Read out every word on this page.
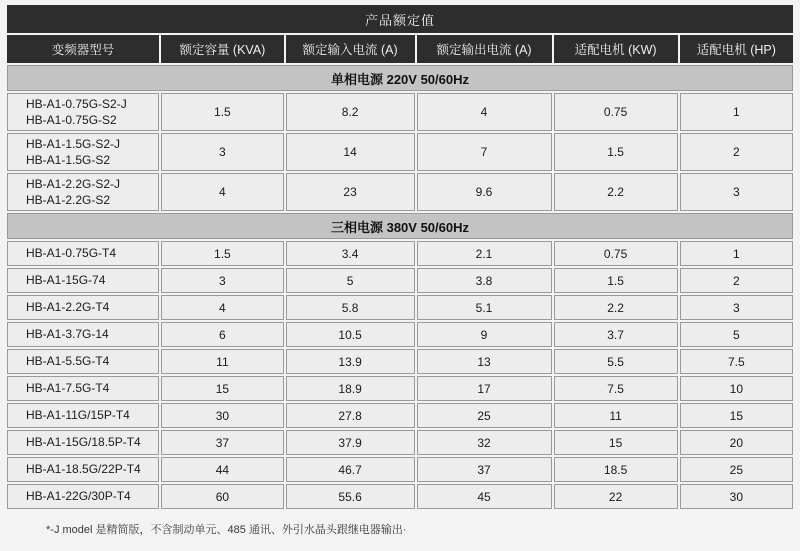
产品额定值					
变频器型号	额定容量 (KVA)	额定输入电流 (A)	额定输出电流 (A)	适配电机 (KW)	适配电机 (HP)
单相电源 220V 50/60Hz					
HB-A1-0.75G-S2-J
HB-A1-0.75G-S2	1.5	8.2	4	0.75	1
HB-A1-1.5G-S2-J
HB-A1-1.5G-S2	3	14	7	1.5	2
HB-A1-2.2G-S2-J
HB-A1-2.2G-S2	4	23	9.6	2.2	3
三相电源 380V 50/60Hz					
HB-A1-0.75G-T4	1.5	3.4	2.1	0.75	1
HB-A1-15G-74	3	5	3.8	1.5	2
HB-A1-2.2G-T4	4	5.8	5.1	2.2	3
HB-A1-3.7G-14	6	10.5	9	3.7	5
HB-A1-5.5G-T4	11	13.9	13	5.5	7.5
HB-A1-7.5G-T4	15	18.9	17	7.5	10
HB-A1-11G/15P-T4	30	27.8	25	11	15
HB-A1-15G/18.5P-T4	37	37.9	32	15	20
HB-A1-18.5G/22P-T4	44	46.7	37	18.5	25
HB-A1-22G/30P-T4	60	55.6	45	22	30

*-J model 是精简版，不含制动单元、485 通讯、外引水晶头跟继电器输出·
